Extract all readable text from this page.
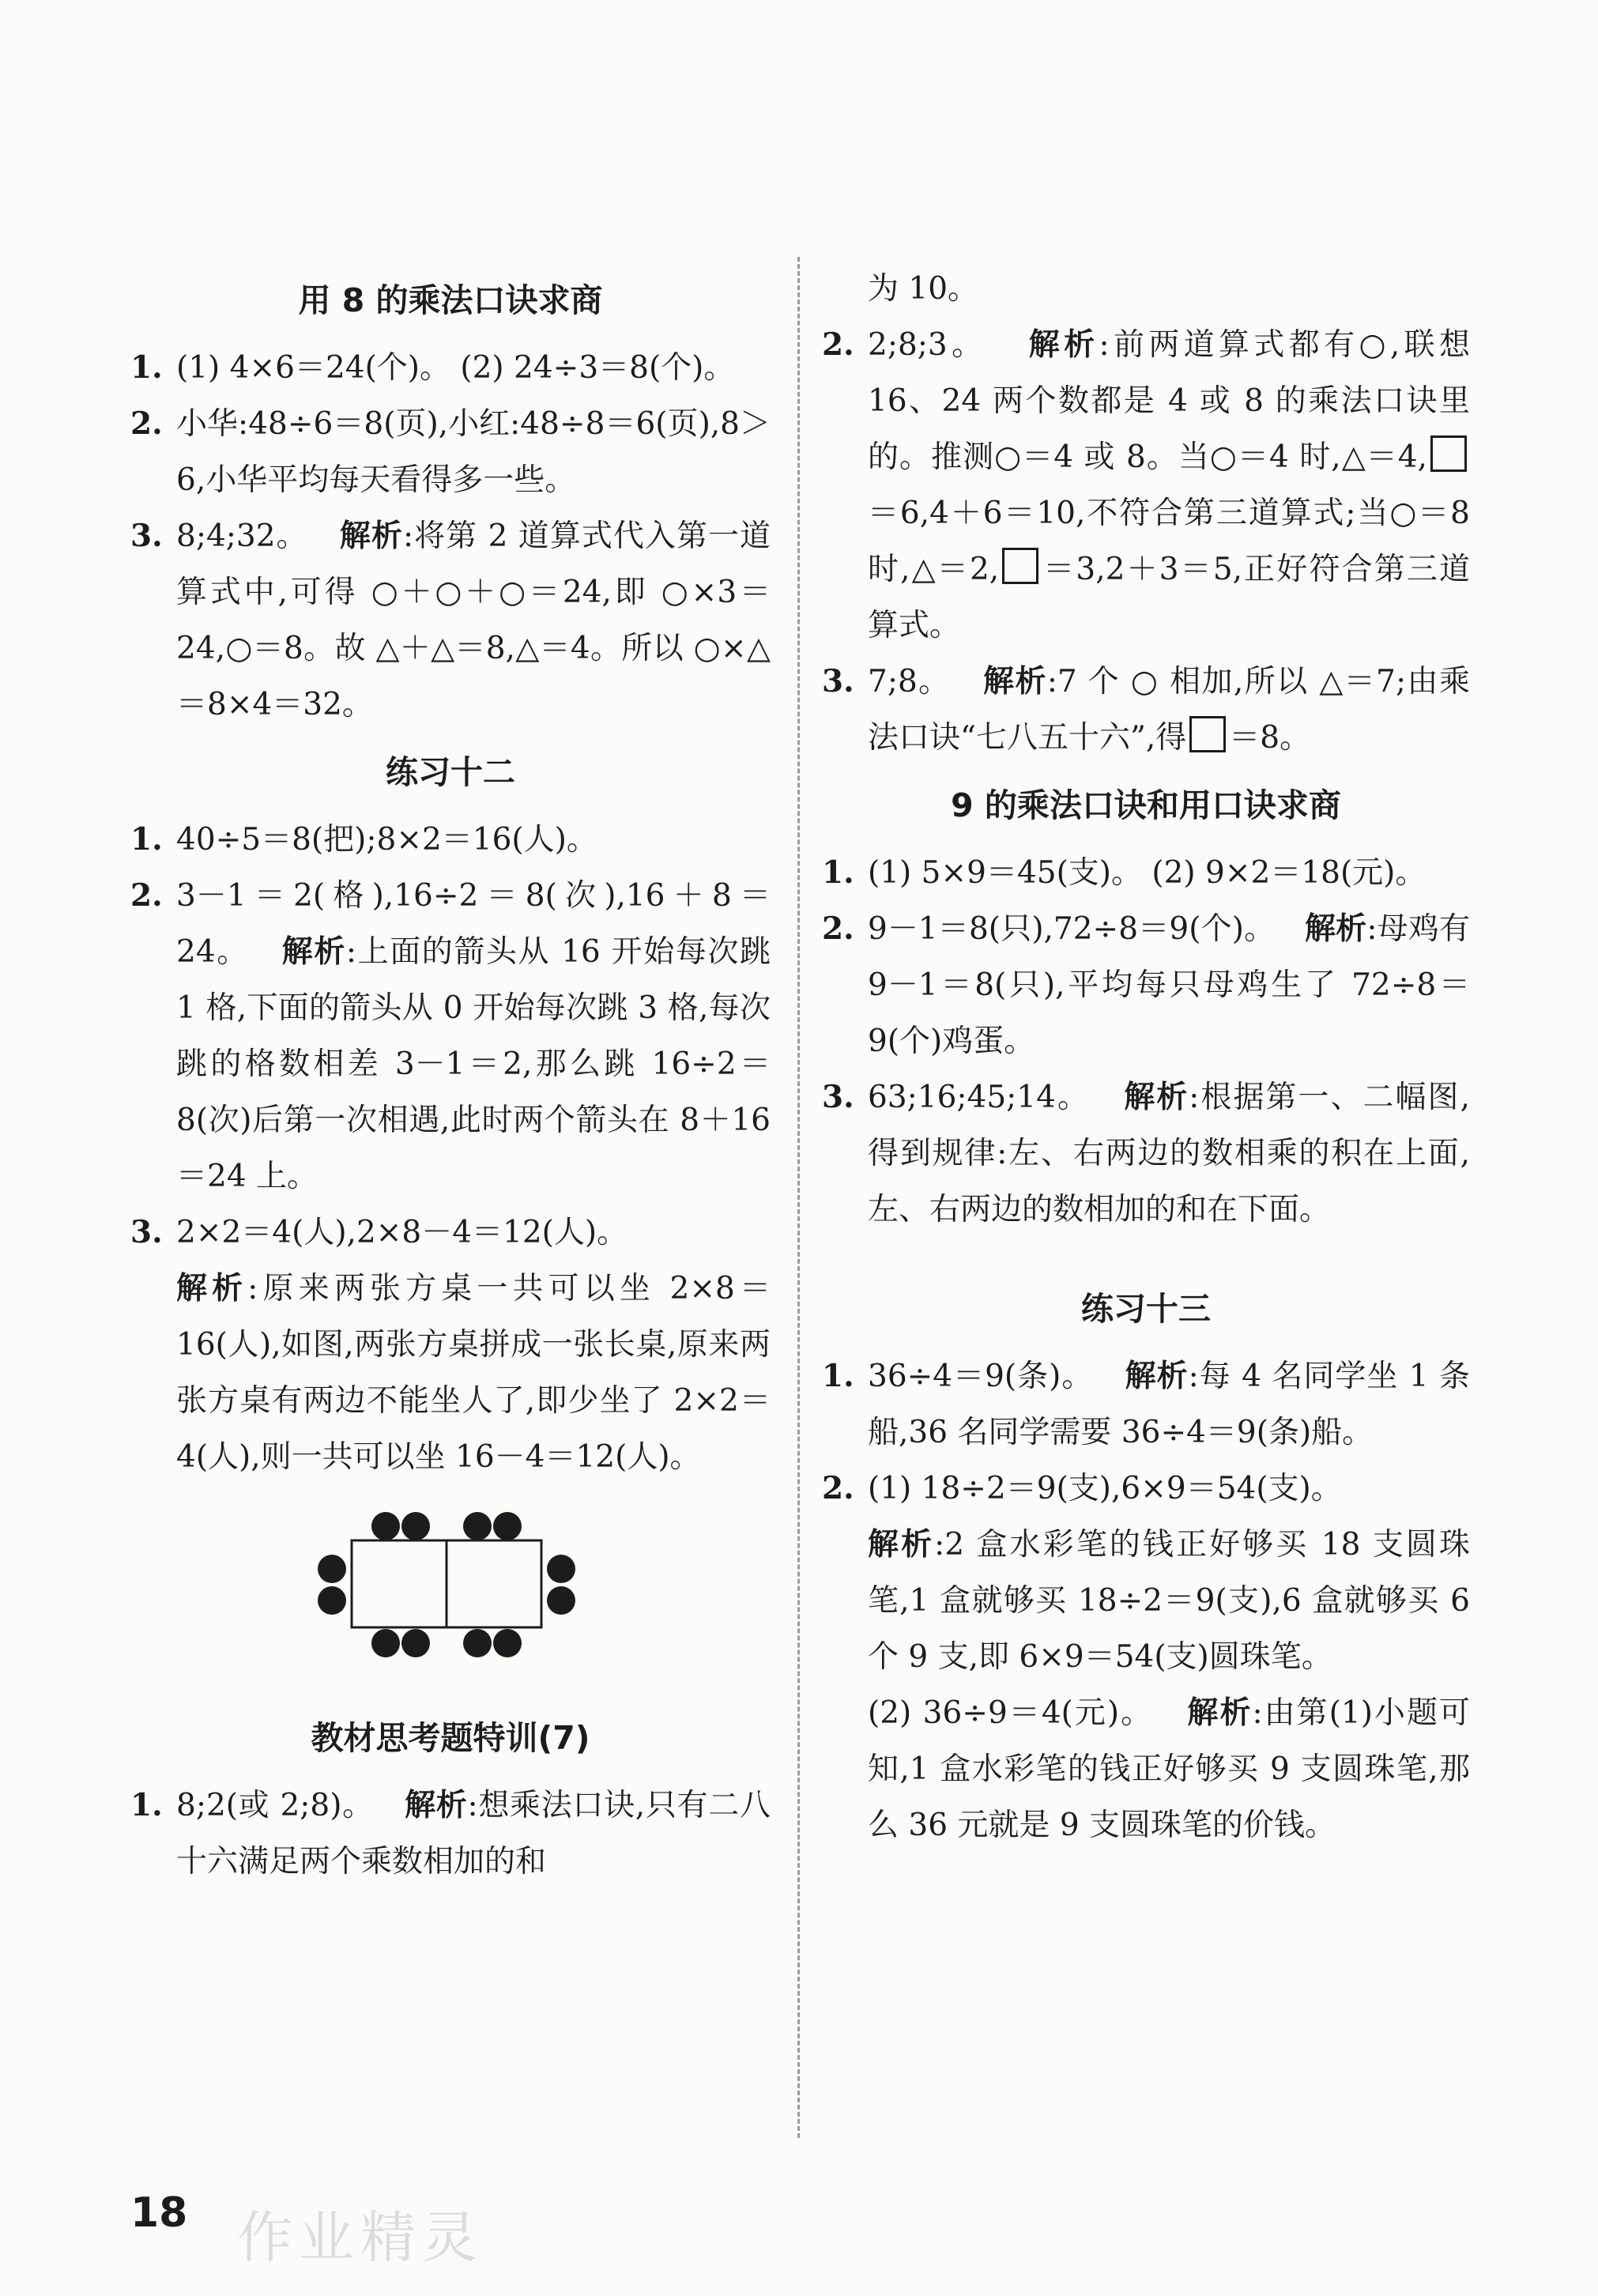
用 8 的乘法口诀求商

1. (1) 4×6＝24(个)。 (2) 24÷3＝8(个)。

2. 小华:48÷6＝8(页),小红:48÷8＝6(页),8＞6,小华平均每天看得多一些。

3. 8;4;32。 解析:将第 2 道算式代入第一道算式中,可得 ○＋○＋○＝24,即 ○×3＝24,○＝8。故 △＋△＝8,△＝4。所以 ○×△＝8×4＝32。

练习十二

1. 40÷5＝8(把);8×2＝16(人)。

2. 3－1＝2(格),16÷2＝8(次),16＋8＝24。 解析:上面的箭头从 16 开始每次跳 1 格,下面的箭头从 0 开始每次跳 3 格,每次跳的格数相差 3－1＝2,那么跳 16÷2＝8(次)后第一次相遇,此时两个箭头在 8＋16＝24 上。

3. 2×2＝4(人),2×8－4＝12(人)。
解析:原来两张方桌一共可以坐 2×8＝16(人),如图,两张方桌拼成一张长桌,原来两张方桌有两边不能坐人了,即少坐了 2×2＝4(人),则一共可以坐 16－4＝12(人)。

教材思考题特训(7)

1. 8;2(或 2;8)。 解析:想乘法口诀,只有二八十六满足两个乘数相加的和

为 10。

2. 2;8;3。 解析:前两道算式都有○,联想 16、24 两个数都是 4 或 8 的乘法口诀里的。推测○＝4 或 8。当○＝4 时,△＝4,＝6,4＋6＝10,不符合第三道算式;当○＝8 时,△＝2, ＝3,2＋3＝5,正好符合第三道算式。

3. 7;8。 解析:7 个 ○ 相加,所以 △＝7;由乘法口诀“七八五十六”,得 ＝8。

9 的乘法口诀和用口诀求商

1. (1) 5×9＝45(支)。 (2) 9×2＝18(元)。

2. 9－1＝8(只),72÷8＝9(个)。 解析:母鸡有 9－1＝8(只),平均每只母鸡生了 72÷8＝9(个)鸡蛋。

3. 63;16;45;14。 解析:根据第一、二幅图,得到规律:左、右两边的数相乘的积在上面,左、右两边的数相加的和在下面。

练习十三

1. 36÷4＝9(条)。 解析:每 4 名同学坐 1 条船,36 名同学需要 36÷4＝9(条)船。

2. (1) 18÷2＝9(支),6×9＝54(支)。
解析:2 盒水彩笔的钱正好够买 18 支圆珠笔,1 盒就够买 18÷2＝9(支),6 盒就够买 6 个 9 支,即 6×9＝54(支)圆珠笔。
(2) 36÷9＝4(元)。 解析:由第(1)小题可知,1 盒水彩笔的钱正好够买 9 支圆珠笔,那么 36 元就是 9 支圆珠笔的价钱。

18 作业精灵
